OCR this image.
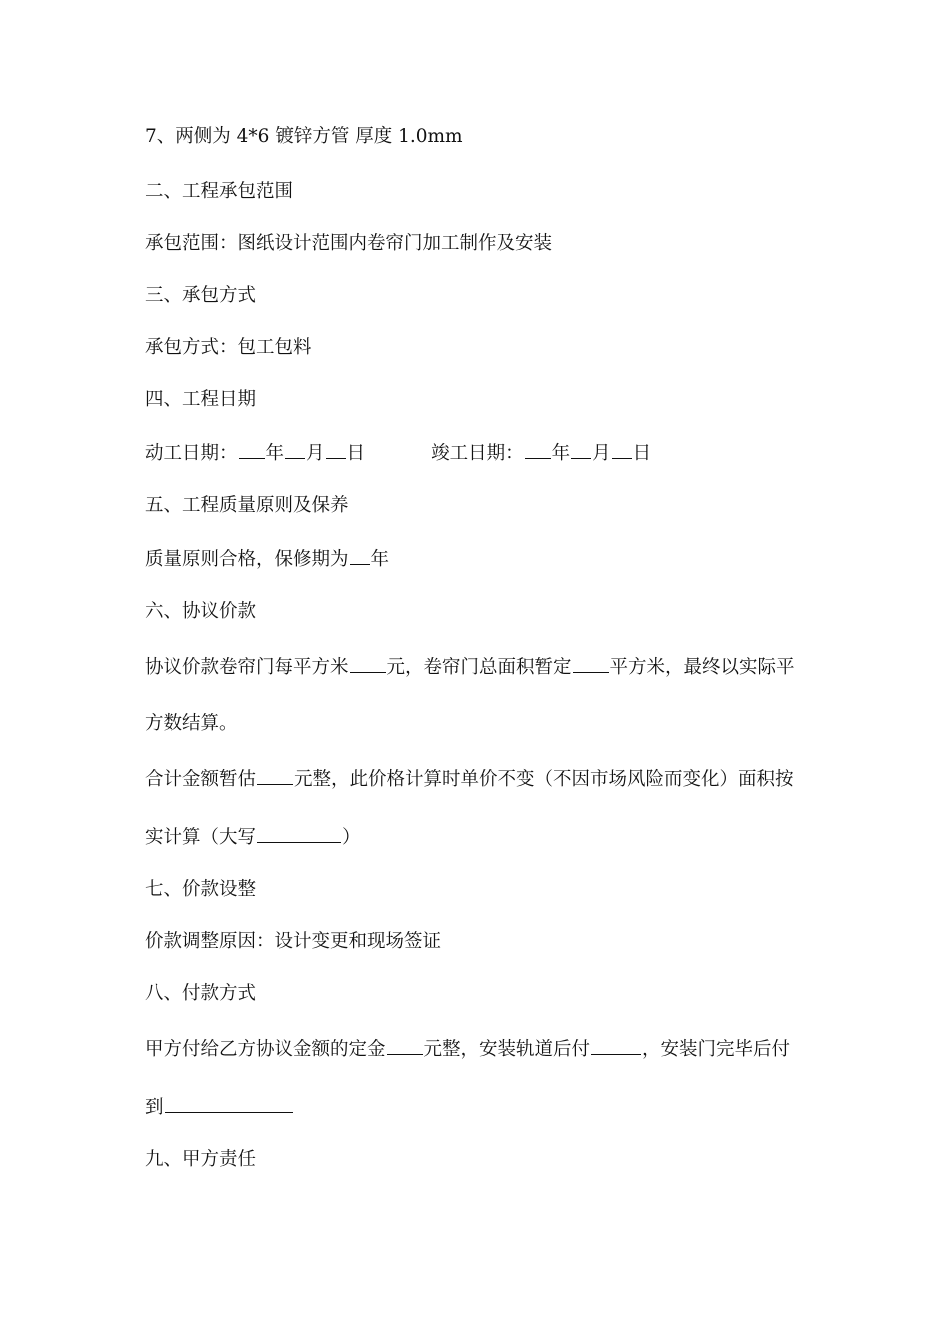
7、两侧为 4*6 镀锌方管 厚度 1.0mm
二、工程承包范围
承包范围：图纸设计范围内卷帘门加工制作及安装
三、承包方式
承包方式：包工包料
四、工程日期
动工日期： 年 月 日	竣工日期： 年 月 日
五、工程质量原则及保养
质量原则合格，保修期为 年
六、协议价款
协议价款卷帘门每平方米 元，卷帘门总面积暂定 平方米，最终以实际平
方数结算。
合计金额暂估 元整，此价格计算时单价不变（不因市场风险而变化）面积按
实计算（大写	）
七、价款设整
价款调整原因：设计变更和现场签证
八、付款方式
甲方付给乙方协议金额的定金 元整，安装轨道后付	，安装门完毕后付
到
九、甲方责任
